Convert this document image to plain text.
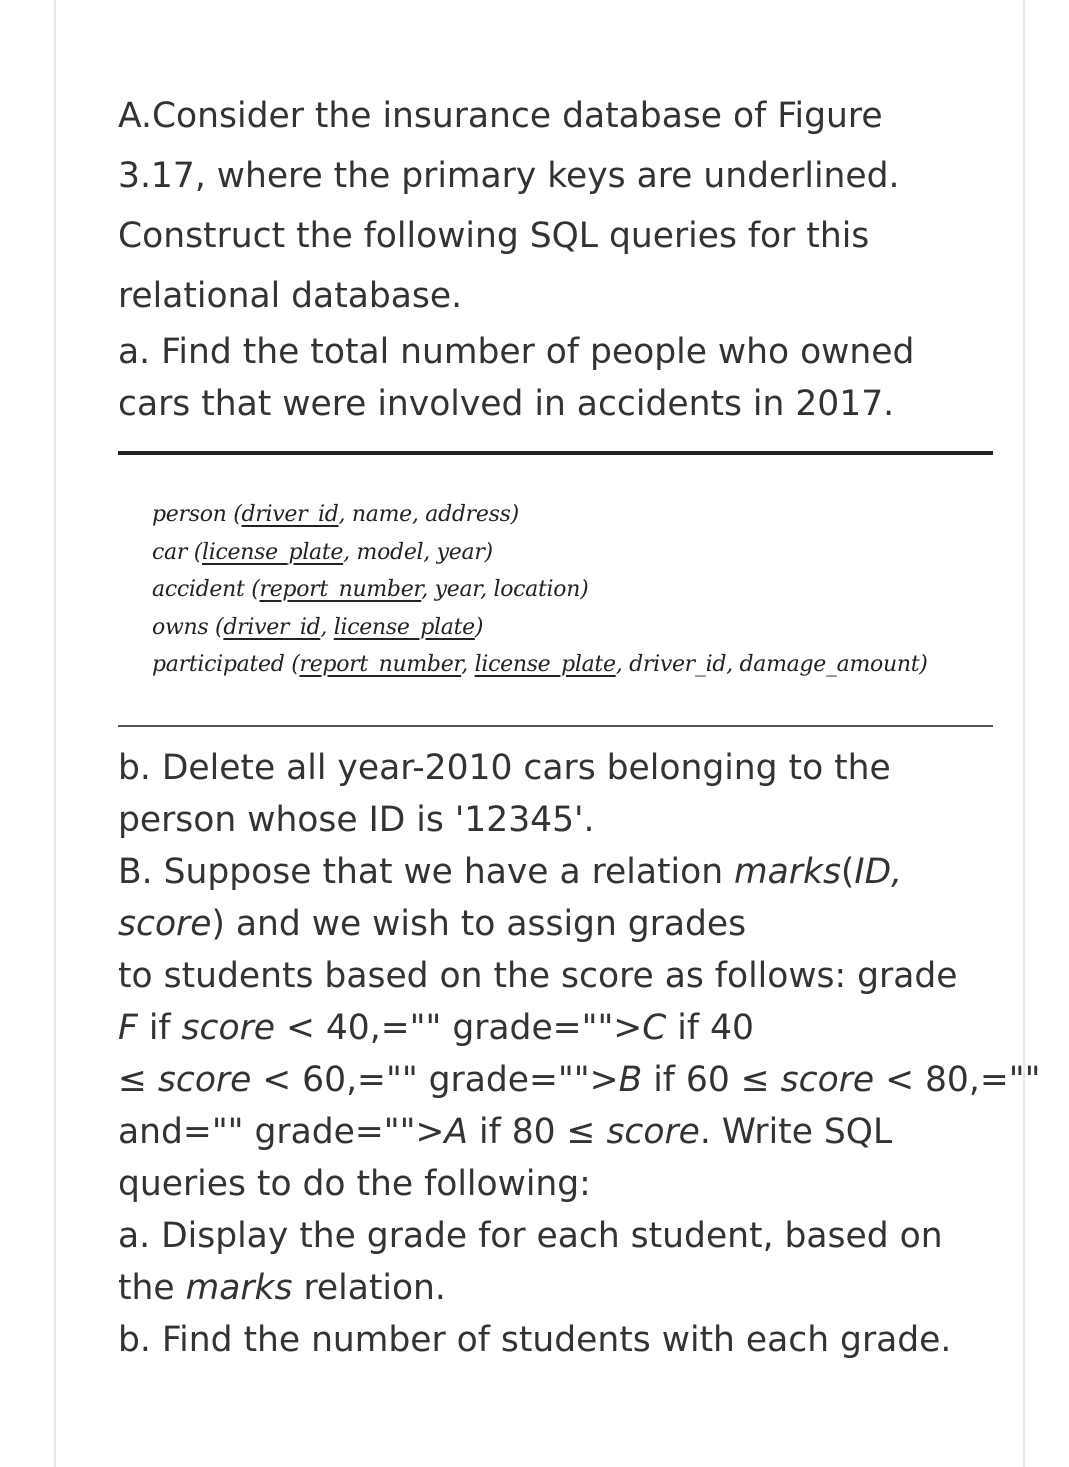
A.Consider the insurance database of Figure

3.17, where the primary keys are underlined.

Construct the following SQL queries for this

relational database.

a. Find the total number of people who owned

cars that were involved in accidents in 2017.

person (driver_id, name, address)
car (license_plate, model, year)
accident (report_number, year, location)
owns (driver_id, license_plate)
participated (report_number, license_plate, driver_id, damage_amount)

b. Delete all year-2010 cars belonging to the

person whose ID is '12345'.

B. Suppose that we have a relation marks(ID,

score) and we wish to assign grades

to students based on the score as follows: grade

F if score < 40,="" grade="">C if 40

≤ score < 60,="" grade="">B if 60 ≤ score < 80,=""

and="" grade="">A if 80 ≤ score. Write SQL

queries to do the following:

a. Display the grade for each student, based on

the marks relation.

b. Find the number of students with each grade.
